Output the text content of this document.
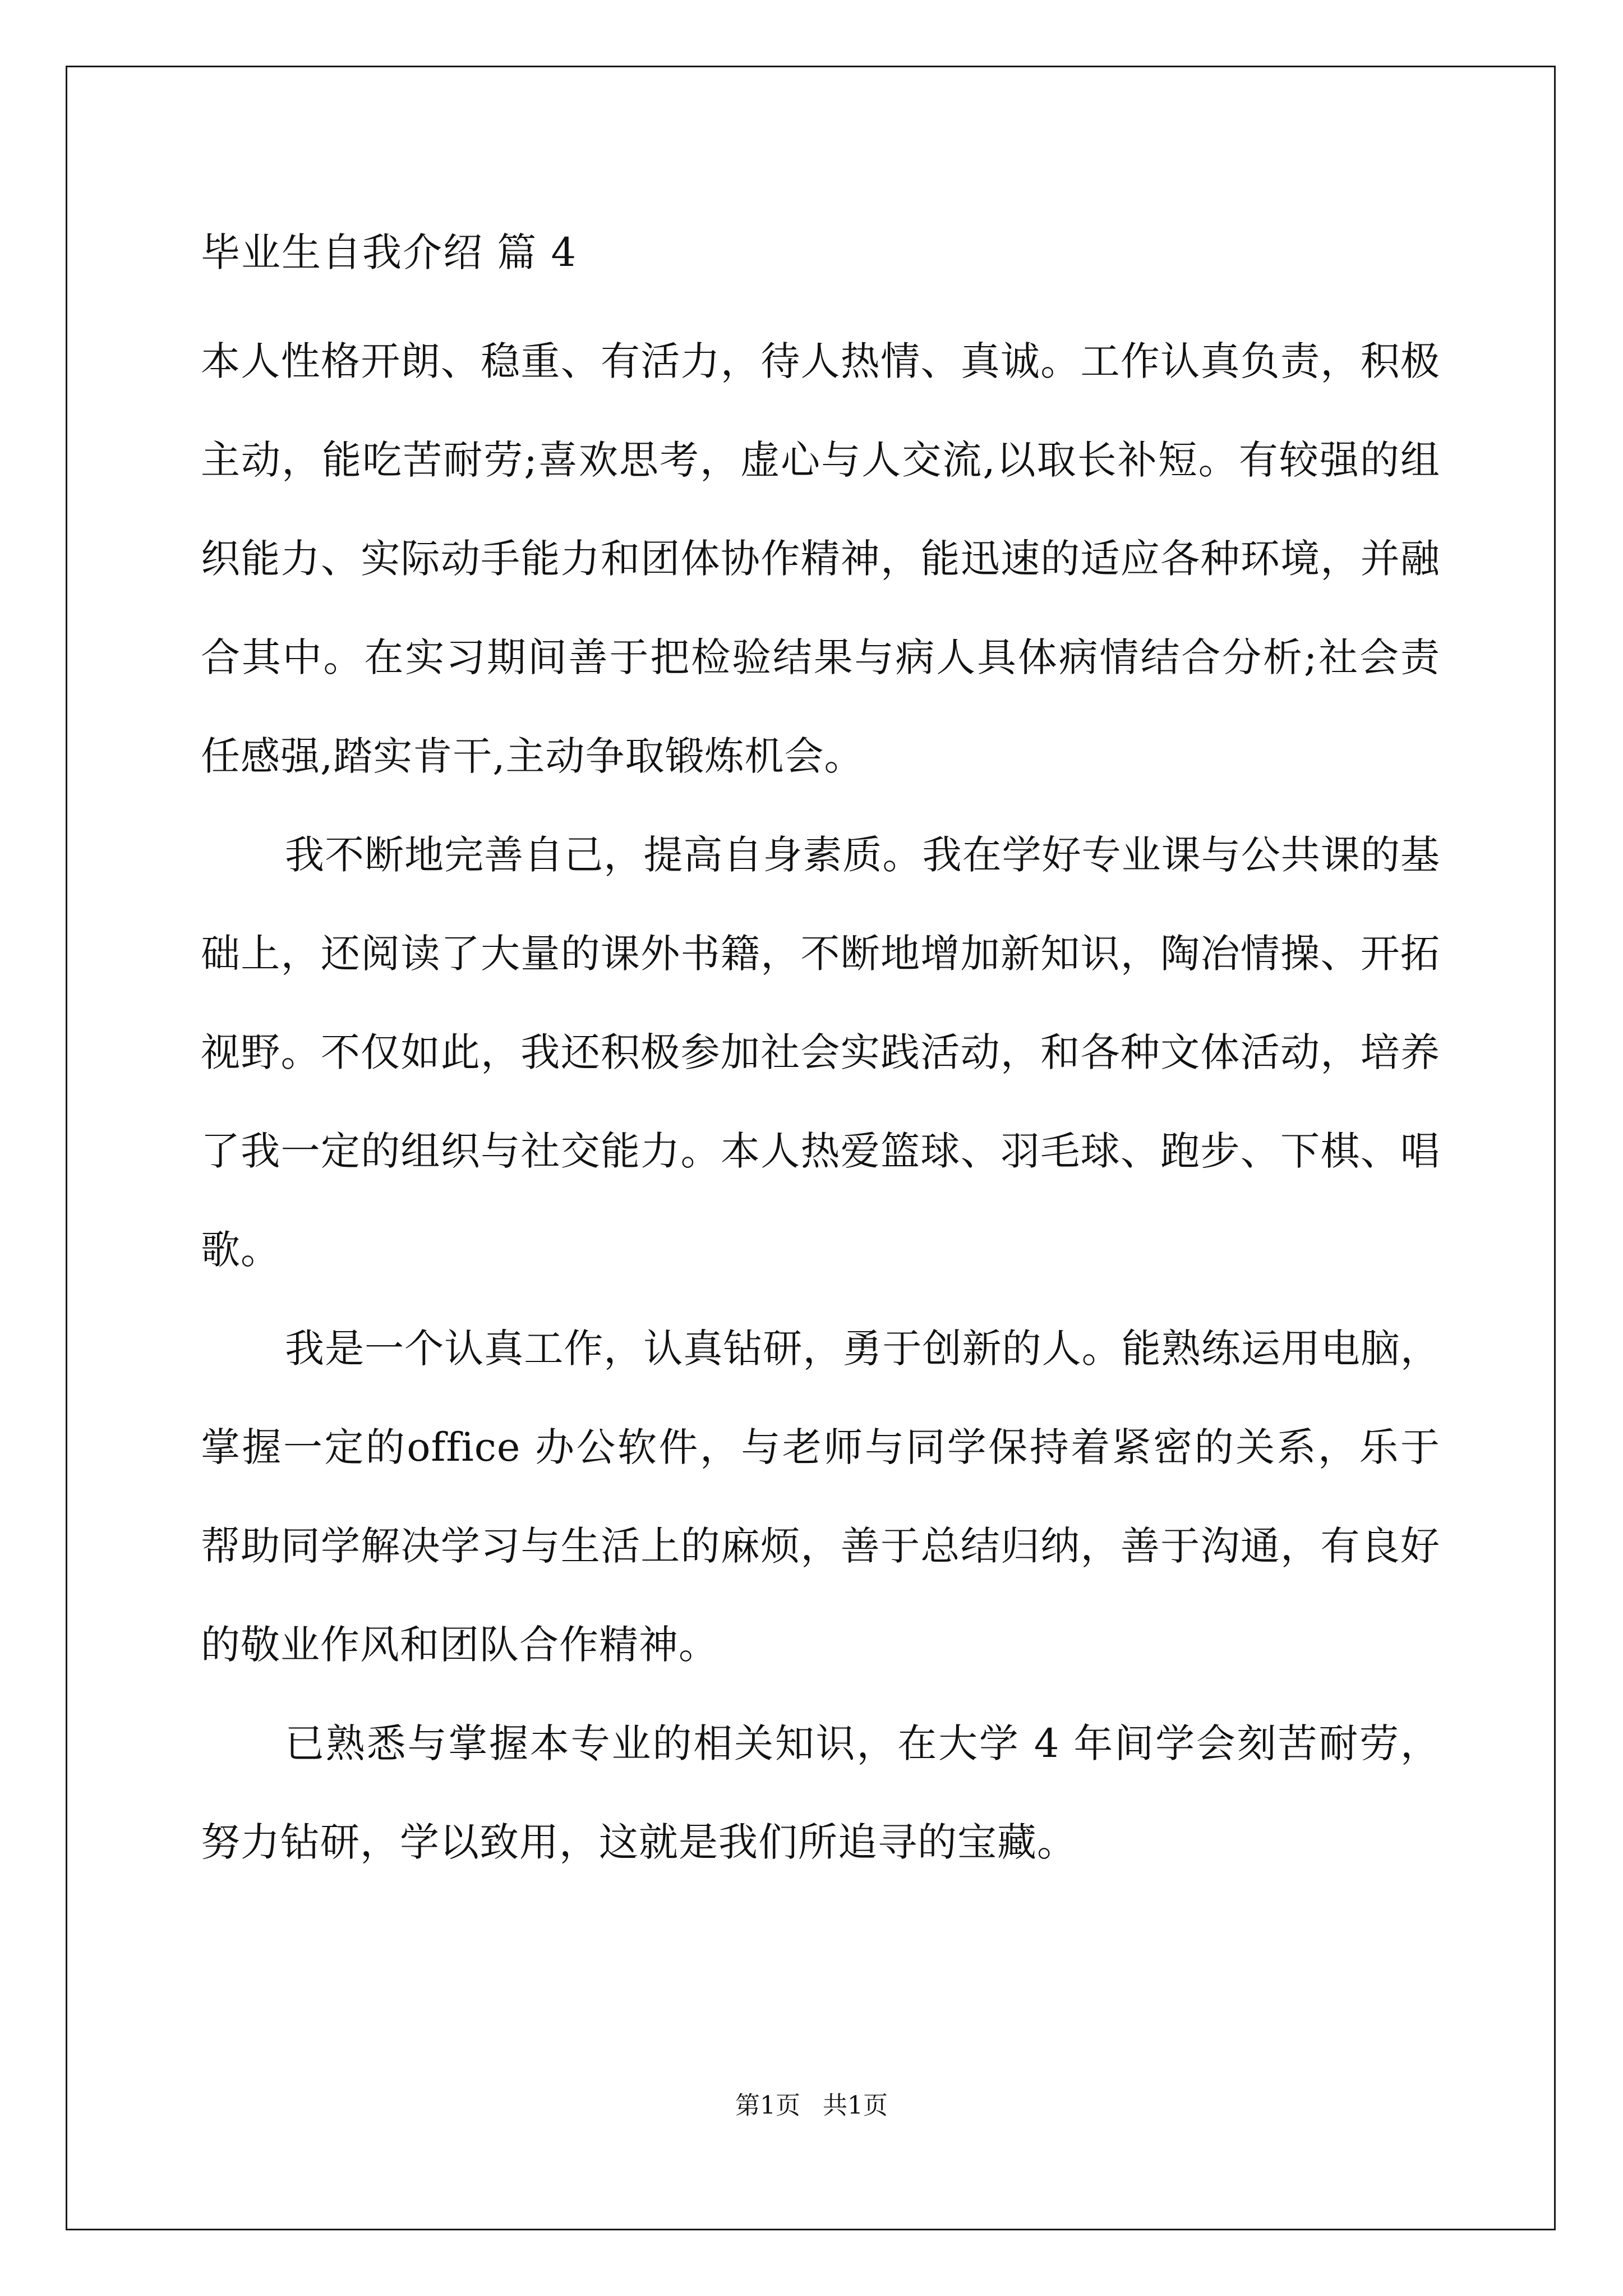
毕业生自我介绍 篇 4

本人性格开朗、稳重、有活力，待人热情、真诚。工作认真负责，积极主动，能吃苦耐劳;喜欢思考，虚心与人交流,以取长补短。有较强的组织能力、实际动手能力和团体协作精神，能迅速的适应各种环境，并融合其中。在实习期间善于把检验结果与病人具体病情结合分析;社会责任感强,踏实肯干,主动争取锻炼机会。

我不断地完善自己，提高自身素质。我在学好专业课与公共课的基础上，还阅读了大量的课外书籍，不断地增加新知识，陶冶情操、开拓视野。不仅如此，我还积极参加社会实践活动，和各种文体活动，培养了我一定的组织与社交能力。本人热爱篮球、羽毛球、跑步、下棋、唱歌。

我是一个认真工作，认真钻研，勇于创新的人。能熟练运用电脑，掌握一定的office 办公软件，与老师与同学保持着紧密的关系，乐于帮助同学解决学习与生活上的麻烦，善于总结归纳，善于沟通，有良好的敬业作风和团队合作精神。

已熟悉与掌握本专业的相关知识，在大学 4 年间学会刻苦耐劳，努力钻研，学以致用，这就是我们所追寻的宝藏。

第1页 共1页
